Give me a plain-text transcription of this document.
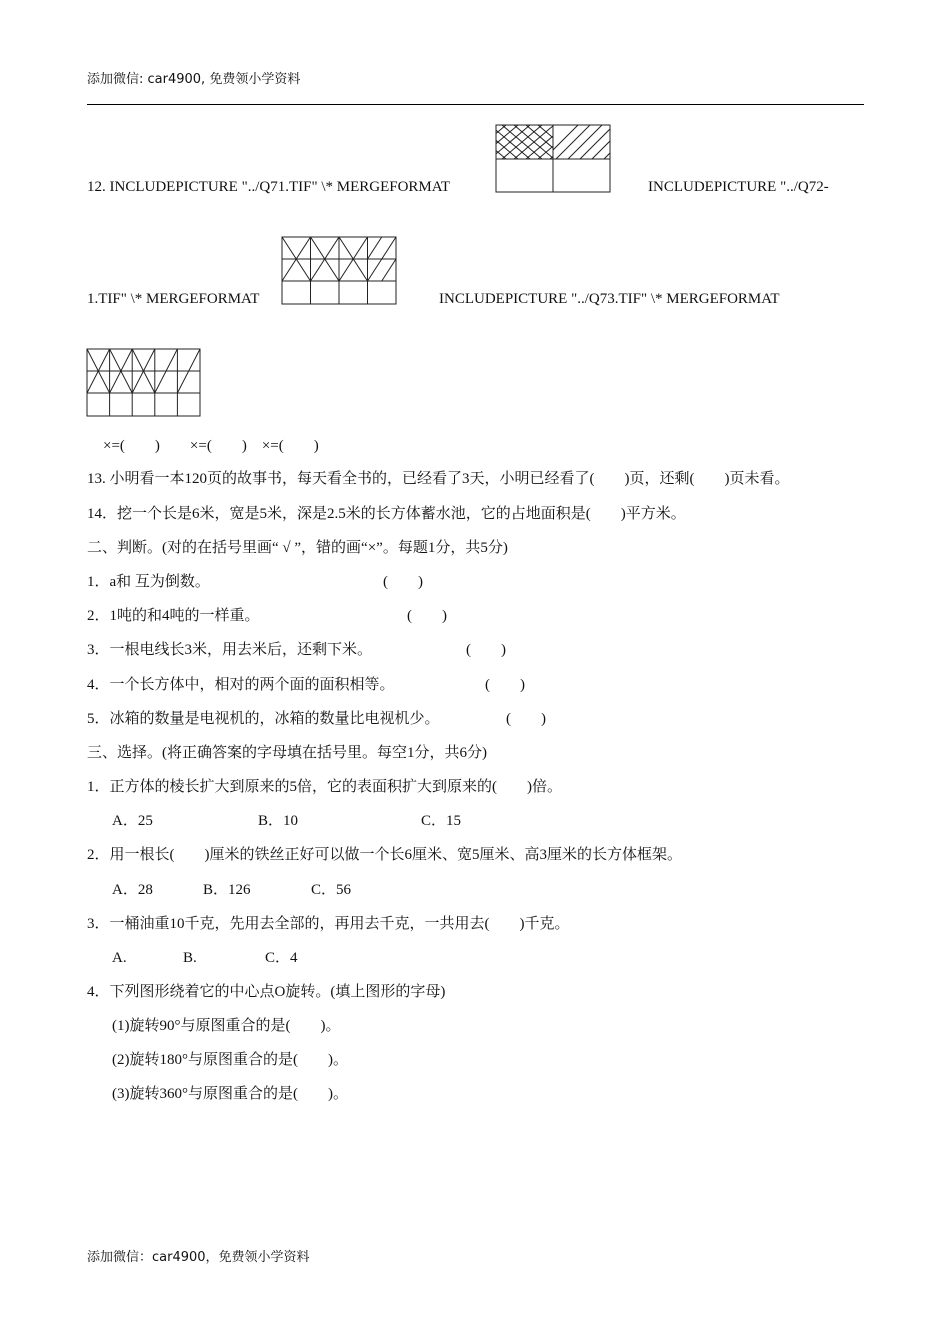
添加微信: car4900, 免费领小学资料
12. INCLUDEPICTURE "../Q71.TIF" \* MERGEFORMAT	INCLUDEPICTURE "../Q72-
1.TIF" \* MERGEFORMAT	INCLUDEPICTURE "../Q73.TIF" \* MERGEFORMAT
×=(　　)　　×=(　　)　×=(　　)
13. 小明看一本120页的故事书，每天看全书的，已经看了3天，小明已经看了(　　)页，还剩(　　)页未看。
14．挖一个长是6米，宽是5米，深是2.5米的长方体蓄水池，它的占地面积是(　　)平方米。
二、判断。(对的在括号里画“ √ ”，错的画“×”。每题1分，共5分)
1．a和 互为倒数。	(　　)
2．1吨的和4吨的一样重。	(　　)
3．一根电线长3米，用去米后，还剩下米。	(　　)
4．一个长方体中，相对的两个面的面积相等。	(　　)
5．冰箱的数量是电视机的，冰箱的数量比电视机少。	(　　)
三、选择。(将正确答案的字母填在括号里。每空1分，共6分)
1．正方体的棱长扩大到原来的5倍，它的表面积扩大到原来的(　　)倍。
A．25	B．10	C．15
2．用一根长(　　)厘米的铁丝正好可以做一个长6厘米、宽5厘米、高3厘米的长方体框架。
A．28	B．126	C．56
3．一桶油重10千克，先用去全部的，再用去千克，一共用去(　　)千克。
A.	B.	C．4
4．下列图形绕着它的中心点O旋转。(填上图形的字母)
(1)旋转90°与原图重合的是(　　)。
(2)旋转180°与原图重合的是(　　)。
(3)旋转360°与原图重合的是(　　)。
添加微信：car4900，免费领小学资料
